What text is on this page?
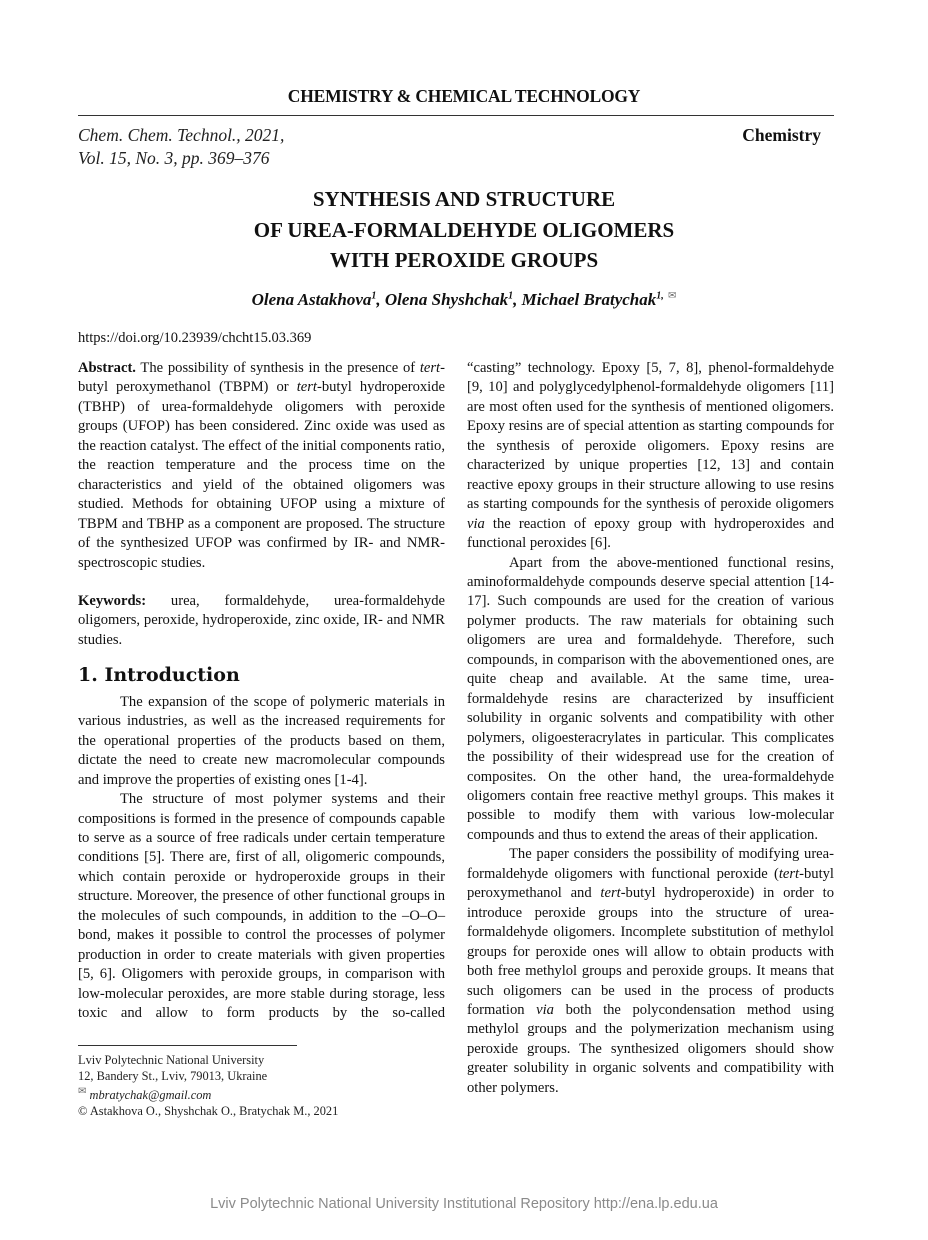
CHEMISTRY & CHEMICAL TECHNOLOGY
Chem. Chem. Technol., 2021,
Vol. 15, No. 3, pp. 369–376
Chemistry
SYNTHESIS AND STRUCTURE
OF UREA-FORMALDEHYDE OLIGOMERS
WITH PEROXIDE GROUPS
Olena Astakhova$^1$, Olena Shyshchak$^1$, Michael Bratychak$^{1,}$ ✉
https://doi.org/10.23939/chcht15.03.369

Abstract. The possibility of synthesis in the presence of tert-butyl peroxymethanol (TBPM) or tert-butyl hydroperoxide (TBHP) of urea-formaldehyde oligomers with peroxide groups (UFOP) has been considered. Zinc oxide was used as the reaction catalyst. The effect of the initial components ratio, the reaction temperature and the process time on the characteristics and yield of the obtained oligomers was studied. Methods for obtaining UFOP using a mixture of TBPM and TBHP as a component are proposed. The structure of the synthesized UFOP was confirmed by IR- and NMR-spectroscopic studies.

Keywords: urea, formaldehyde, urea-formaldehyde oligomers, peroxide, hydroperoxide, zinc oxide, IR- and NMR studies.

1. Introduction

The expansion of the scope of polymeric materials in various industries, as well as the increased requirements for the operational properties of the products based on them, dictate the need to create new macromolecular compounds and improve the properties of existing ones [1-4].

The structure of most polymer systems and their compositions is formed in the presence of compounds capable to serve as a source of free radicals under certain temperature conditions [5]. There are, first of all, oligomeric compounds, which contain peroxide or hydroperoxide groups in their structure. Moreover, the presence of other functional groups in the molecules of such compounds, in addition to the –O–O– bond, makes it possible to control the processes of polymer production in order to create materials with given properties [5, 6]. Oligomers with peroxide groups, in comparison with low-molecular peroxides, are more stable during storage, less toxic and allow to form products by the so-called

Lviv Polytechnic National University
12, Bandery St., Lviv, 79013, Ukraine
✉ mbratychak@gmail.com
© Astakhova O., Shyshchak O., Bratychak M., 2021

“casting” technology. Epoxy [5, 7, 8], phenol-formaldehyde [9, 10] and polyglycedylphenol-formaldehyde oligomers [11] are most often used for the synthesis of mentioned oligomers. Epoxy resins are of special attention as starting compounds for the synthesis of peroxide oligomers. Epoxy resins are characterized by unique properties [12, 13] and contain reactive epoxy groups in their structure allowing to use resins as starting compounds for the synthesis of peroxide oligomers via the reaction of epoxy group with hydroperoxides and functional peroxides [6].

Apart from the above-mentioned functional resins, aminoformaldehyde compounds deserve special attention [14-17]. Such compounds are used for the creation of various polymer products. The raw materials for obtaining such oligomers are urea and formaldehyde. Therefore, such compounds, in comparison with the abovementioned ones, are quite cheap and available. At the same time, urea-formaldehyde resins are characterized by insufficient solubility in organic solvents and compatibility with other polymers, oligoesteracrylates in particular. This complicates the possibility of their widespread use for the creation of composites. On the other hand, the urea-formaldehyde oligomers contain free reactive methyl groups. This makes it possible to modify them with various low-molecular compounds and thus to extend the areas of their application.

The paper considers the possibility of modifying urea-formaldehyde oligomers with functional peroxide (tert-butyl peroxymethanol and tert-butyl hydroperoxide) in order to introduce peroxide groups into the structure of urea-formaldehyde oligomers. Incomplete substitution of methylol groups for peroxide ones will allow to obtain products with both free methylol groups and peroxide groups. It means that such oligomers can be used in the process of products formation via both the polycondensation method using methylol groups and the polymerization mechanism using peroxide groups. The synthesized oligomers should show greater solubility in organic solvents and compatibility with other polymers.

Lviv Polytechnic National University Institutional Repository http://ena.lp.edu.ua
